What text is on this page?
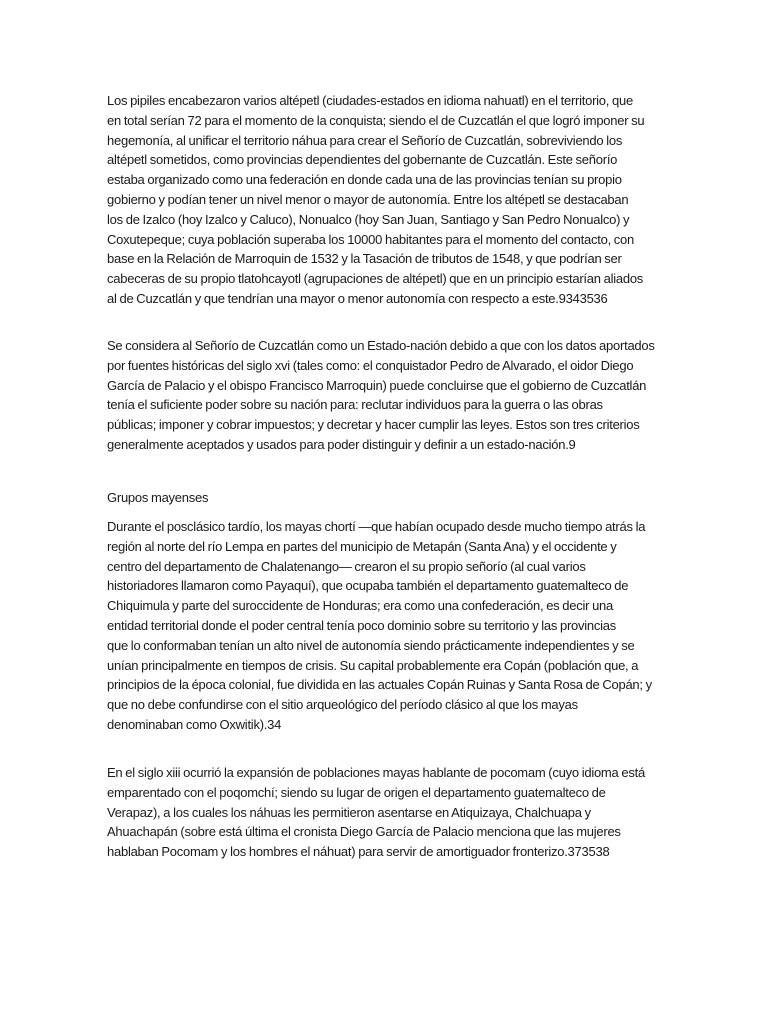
Los pipiles encabezaron varios altépetl (ciudades-estados en idioma nahuatl) en el territorio, que
en total serían 72 para el momento de la conquista; siendo el de Cuzcatlán el que logró imponer su
hegemonía, al unificar el territorio náhua para crear el Señorío de Cuzcatlán, sobreviviendo los
altépetl sometidos, como provincias dependientes del gobernante de Cuzcatlán. Este señorío
estaba organizado como una federación en donde cada una de las provincias tenían su propio
gobierno y podían tener un nivel menor o mayor de autonomía. Entre los altépetl se destacaban
los de Izalco (hoy Izalco y Caluco), Nonualco (hoy San Juan, Santiago y San Pedro Nonualco) y
Coxutepeque; cuya población superaba los 10000 habitantes para el momento del contacto, con
base en la Relación de Marroquin de 1532 y la Tasación de tributos de 1548, y que podrían ser
cabeceras de su propio tlatohcayotl (agrupaciones de altépetl) que en un principio estarían aliados
al de Cuzcatlán y que tendrían una mayor o menor autonomía con respecto a este.9343536

Se considera al Señorío de Cuzcatlán como un Estado-nación debido a que con los datos aportados
por fuentes históricas del siglo xvi (tales como: el conquistador Pedro de Alvarado, el oidor Diego
García de Palacio y el obispo Francisco Marroquin) puede concluirse que el gobierno de Cuzcatlán
tenía el suficiente poder sobre su nación para: reclutar individuos para la guerra o las obras
públicas; imponer y cobrar impuestos; y decretar y hacer cumplir las leyes. Estos son tres criterios
generalmente aceptados y usados para poder distinguir y definir a un estado-nación.9

Grupos mayenses

Durante el posclásico tardío, los mayas chortí —que habían ocupado desde mucho tiempo atrás la
región al norte del río Lempa en partes del municipio de Metapán (Santa Ana) y el occidente y
centro del departamento de Chalatenango— crearon el su propio señorío (al cual varios
historiadores llamaron como Payaquí), que ocupaba también el departamento guatemalteco de
Chiquimula y parte del suroccidente de Honduras; era como una confederación, es decir una
entidad territorial donde el poder central tenía poco dominio sobre su territorio y las provincias
que lo conformaban tenían un alto nivel de autonomía siendo prácticamente independientes y se
unían principalmente en tiempos de crisis. Su capital probablemente era Copán (población que, a
principios de la época colonial, fue dividida en las actuales Copán Ruinas y Santa Rosa de Copán; y
que no debe confundirse con el sitio arqueológico del período clásico al que los mayas
denominaban como Oxwitik).34

En el siglo xiii ocurrió la expansión de poblaciones mayas hablante de pocomam (cuyo idioma está
emparentado con el poqomchí; siendo su lugar de origen el departamento guatemalteco de
Verapaz), a los cuales los náhuas les permitieron asentarse en Atiquizaya, Chalchuapa y
Ahuachapán (sobre está última el cronista Diego García de Palacio menciona que las mujeres
hablaban Pocomam y los hombres el náhuat) para servir de amortiguador fronterizo.373538
